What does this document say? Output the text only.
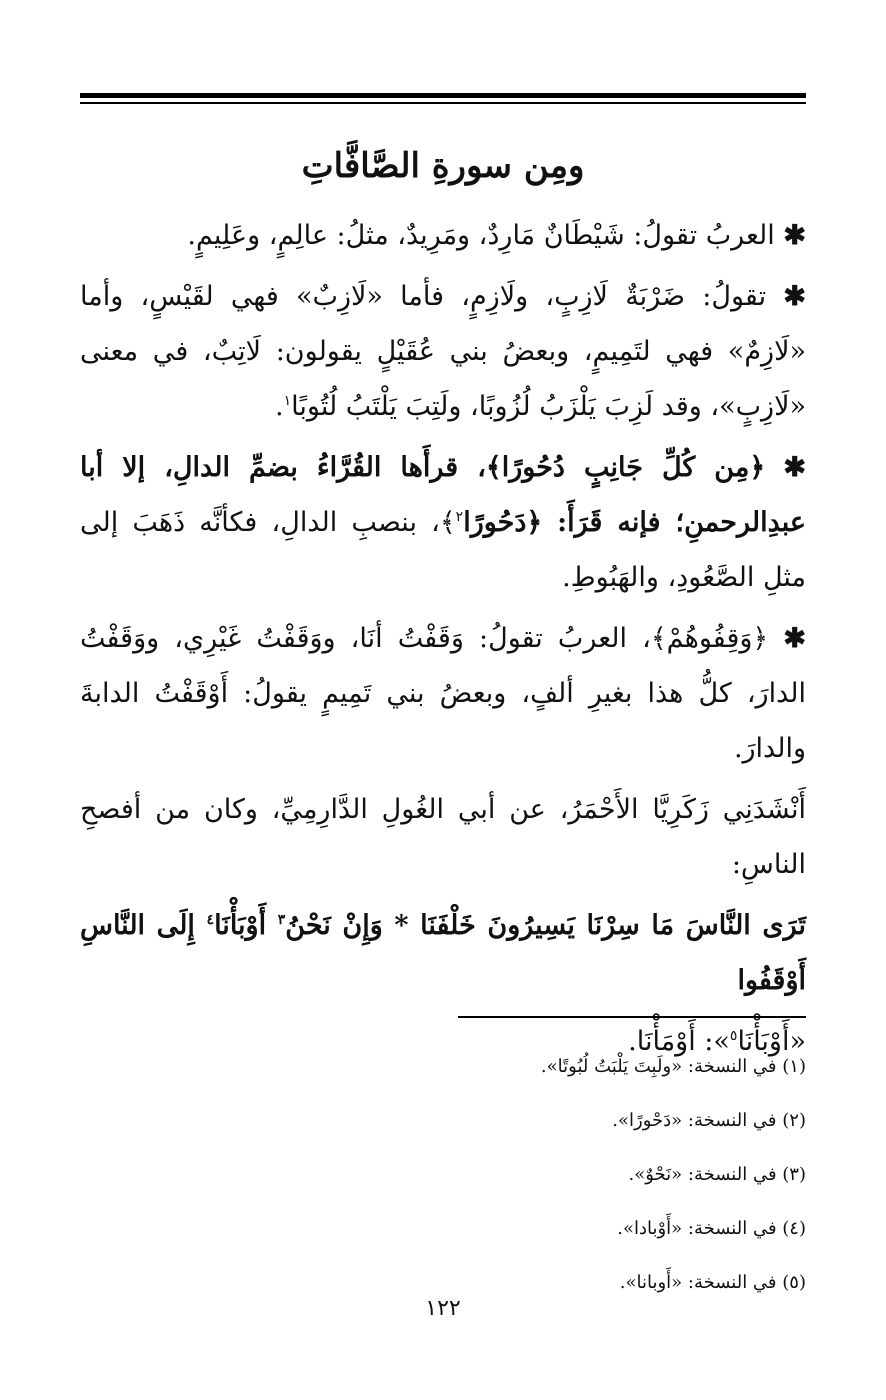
ومِن سورةِ الصَّافَّاتِ

✱ العربُ تقولُ: شَيْطَانٌ مَارِدٌ، ومَرِيدٌ، مثلُ: عالِمٍ، وعَلِيمٍ.

✱ تقولُ: ضَرْبَةٌ لَازِبٍ، ولَازِمٍ، فأما «لَازِبٌ» فهي لقَيْسٍ، وأما «لَازِمٌ» فهي لتَمِيمٍ، وبعضُ بني عُقَيْلٍ يقولون: لَاتِبٌ، في معنى «لَازِبٍ»، وقد لَزِبَ يَلْزَبُ لُزُوبًا، ولَتِبَ يَلْتَبُ لُتُوبًا$^١$.

✱ ﴿مِن كُلِّ جَانِبٍ دُحُورًا﴾، قرأَها القُرَّاءُ بضمِّ الدالِ، إلا أبا عبدِالرحمنِ؛ فإنه قَرَأَ: ﴿دَحُورًا$^٢$﴾، بنصبِ الدالِ، فكأنَّه ذَهَبَ إلى مثلِ الصَّعُودِ، والهَبُوطِ.

✱ ﴿وَقِفُوهُمْ﴾، العربُ تقولُ: وَقَفْتُ أنَا، ووَقَفْتُ غَيْرِي، ووَقَفْتُ الدارَ، كلُّ هذا بغيرِ ألفٍ، وبعضُ بني تَمِيمٍ يقولُ: أَوْقَفْتُ الدابةَ والدارَ.

أَنْشَدَنِي زَكَرِيَّا الأَحْمَرُ، عن أبي الغُولِ الدَّارِمِيِّ، وكان من أفصحِ الناسِ:

تَرَى النَّاسَ مَا سِرْنَا يَسِيرُونَ خَلْفَنَا * وَإِنْ نَحْنُ$^٣$ أَوْبَأْنَا$^٤$ إِلَى النَّاسِ أَوْقَفُوا

«أَوْبَأْنَا$^٥$»: أَوْمَأْنَا.

(١) في النسخة: «ولَبِتَ يَلْبَتُ لُبُوتًا».
(٢) في النسخة: «دَحْورًا».
(٣) في النسخة: «نَحْوٌ».
(٤) في النسخة: «أَوْبادا».
(٥) في النسخة: «أَوبانا».
١٢٢
